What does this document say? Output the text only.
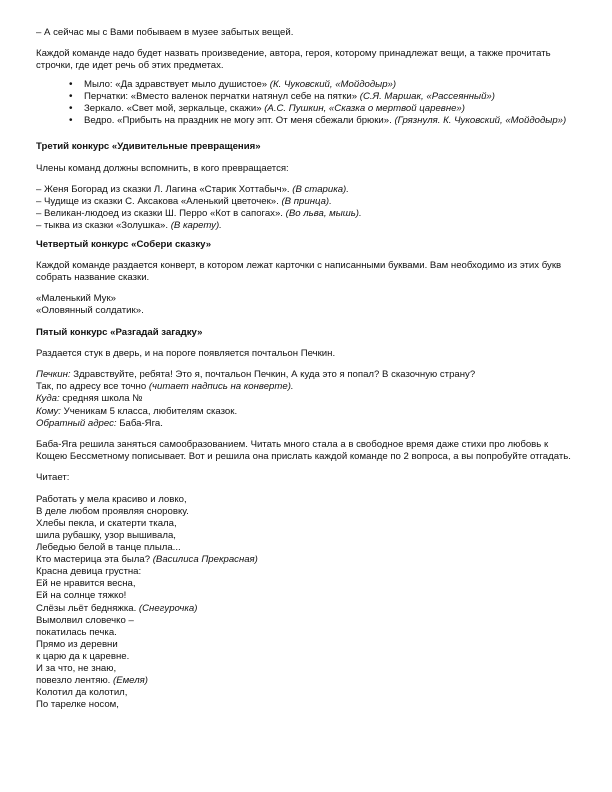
– А сейчас мы с Вами побываем в музее забытых вещей.

Каждой команде надо будет назвать произведение, автора, героя, которому принадлежат вещи, а также прочитать строчки, где идет речь об этих предметах.

• Мыло: «Да здравствует мыло душистое» (К. Чуковский, «Мойдодыр»)
• Перчатки: «Вместо валенок перчатки натянул себе на пятки» (С.Я. Маршак, «Рассеянный»)
• Зеркало. «Свет мой, зеркальце, скажи» (А.С. Пушкин, «Сказка о мертвой царевне»)
• Ведро. «Прибыть на праздник не могу эпт. От меня сбежали брюки». (Грязнуля. К. Чуковский, «Мойдодыр»)

Третий конкурс «Удивительные превращения»

Члены команд должны вспомнить, в кого превращается:

– Женя Богорад из сказки Л. Лагина «Старик Хоттабыч». (В старика).

– Чудище из сказки С. Аксакова «Аленький цветочек». (В принца).

– Великан-людоед из сказки Ш. Перро «Кот в сапогах». (Во льва, мышь).

– тыква из сказки «Золушка». (В карету).

Четвертый конкурс «Собери сказку»

Каждой команде раздается конверт, в котором лежат карточки с написанными буквами. Вам необходимо из этих букв собрать название сказки.

«Маленький Мук»

«Оловянный солдатик».

Пятый конкурс «Разгадай загадку»

Раздается стук в дверь, и на пороге появляется почтальон Печкин.

Печкин: Здравствуйте, ребята! Это я, почтальон Печкин, А куда это я попал? В сказочную страну?

Так, по адресу все точно (читает надпись на конверте).

Куда: средняя школа №

Кому: Ученикам 5 класса, любителям сказок.

Обратный адрес: Баба-Яга.

Баба-Яга решила заняться самообразованием. Читать много стала а в свободное время даже стихи про любовь к Кощею Бессметному пописывает. Вот и решила она прислать каждой команде по 2 вопроса, а вы попробуйте отгадать.

Читает:

Работать у мела красиво и ловко,

В деле любом проявляя сноровку.

Хлебы пекла, и скатерти ткала,

шила рубашку, узор вышивала,

Лебедью белой в танце плыла...

Кто мастерица эта была? (Василиса Прекрасная)

Красна девица грустна:

Ей не нравится весна,

Ей на солнце тяжко!

Слёзы льёт бедняжка. (Снегурочка)

Вымолвил словечко –

покатилась печка.

Прямо из деревни

к царю да к царевне.

И за что, не знаю,

повезло лентяю. (Емеля)

Колотил да колотил,

По тарелке носом,
